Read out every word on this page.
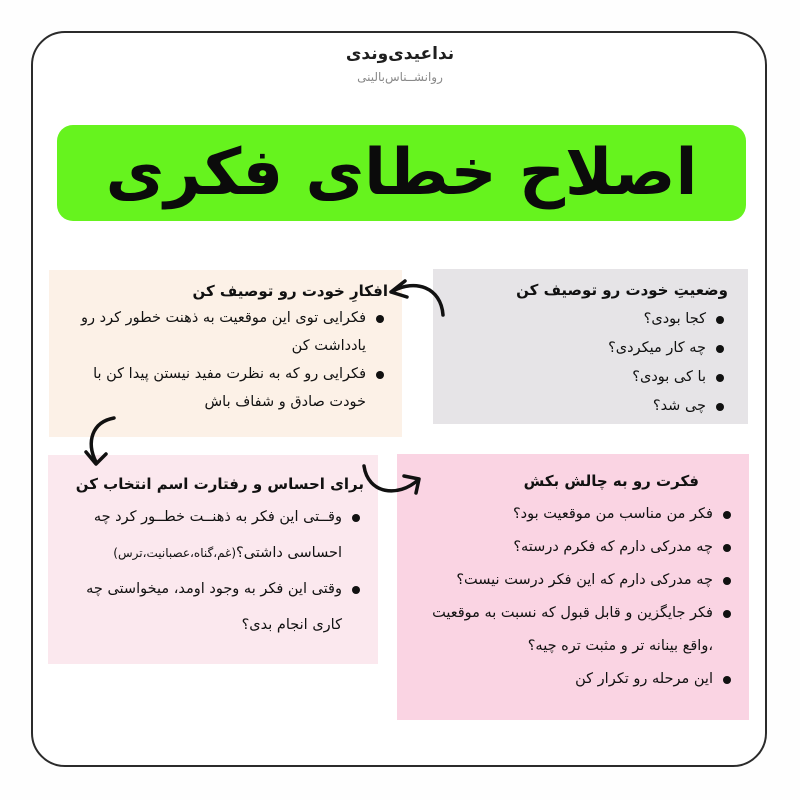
نداعیدی‌وندی
روانشــناس‌بالینی
اصلاح خطای فکری
وضعیتِ خودت رو توصیف کن
کجا بودی؟
چه کار میکردی؟
با کی بودی؟
چی شد؟
افکارِ خودت رو توصیف کن
فکرایی توی این موقعیت به ذهنت خطور کرد رو یادداشت کن
فکرایی رو که به نظرت مفید نیستن پیدا کن با خودت صادق و شفاف باش
برای احساس و رفتارت اسم انتخاب کن
وقــتی این فکر به ذهنــت خطــور کرد چه احساسی داشتی؟(غم،گناه،عصبانیت،ترس)
وقتی این فکر به وجود اومد، میخواستی چه کاری انجام بدی؟
فکرت رو به چالش بکش
فکر من مناسب من موقعیت بود؟
چه مدرکی دارم که فکرم درسته؟
چه مدرکی دارم که این فکر درست نیست؟
فکر جایگزین و قابل قبول که نسبت به موقعیت ،واقع بینانه تر و مثبت تره چیه؟
این مرحله رو تکرار کن
